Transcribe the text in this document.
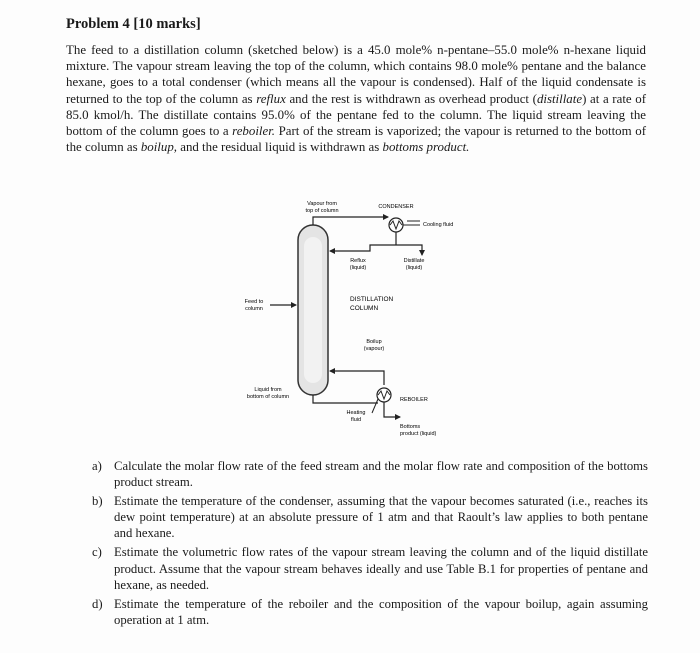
Problem 4 [10 marks]

The feed to a distillation column (sketched below) is a 45.0 mole% n-pentane–55.0 mole% n-hexane liquid mixture. The vapour stream leaving the top of the column, which contains 98.0 mole% pentane and the balance hexane, goes to a total condenser (which means all the vapour is condensed). Half of the liquid condensate is returned to the top of the column as reflux and the rest is withdrawn as overhead product (distillate) at a rate of 85.0 kmol/h. The distillate contains 95.0% of the pentane fed to the column. The liquid stream leaving the bottom of the column goes to a reboiler. Part of the stream is vaporized; the vapour is returned to the bottom of the column as boilup, and the residual liquid is withdrawn as bottoms product.

Vapour from
top of column
CONDENSER
Cooling fluid
Reflux
(liquid)
Distillate
(liquid)
Feed to
column
DISTILLATION
COLUMN
Boilup
(vapour)
Liquid from
bottom of column	REBOILER
Heating
fluid
Bottoms
product (liquid)
a) Calculate the molar flow rate of the feed stream and the molar flow rate and composition of the bottoms product stream.
b) Estimate the temperature of the condenser, assuming that the vapour becomes saturated (i.e., reaches its dew point temperature) at an absolute pressure of 1 atm and that Raoult’s law applies to both pentane and hexane.
c) Estimate the volumetric flow rates of the vapour stream leaving the column and of the liquid distillate product. Assume that the vapour stream behaves ideally and use Table B.1 for properties of pentane and hexane, as needed.
d) Estimate the temperature of the reboiler and the composition of the vapour boilup, again assuming operation at 1 atm.
